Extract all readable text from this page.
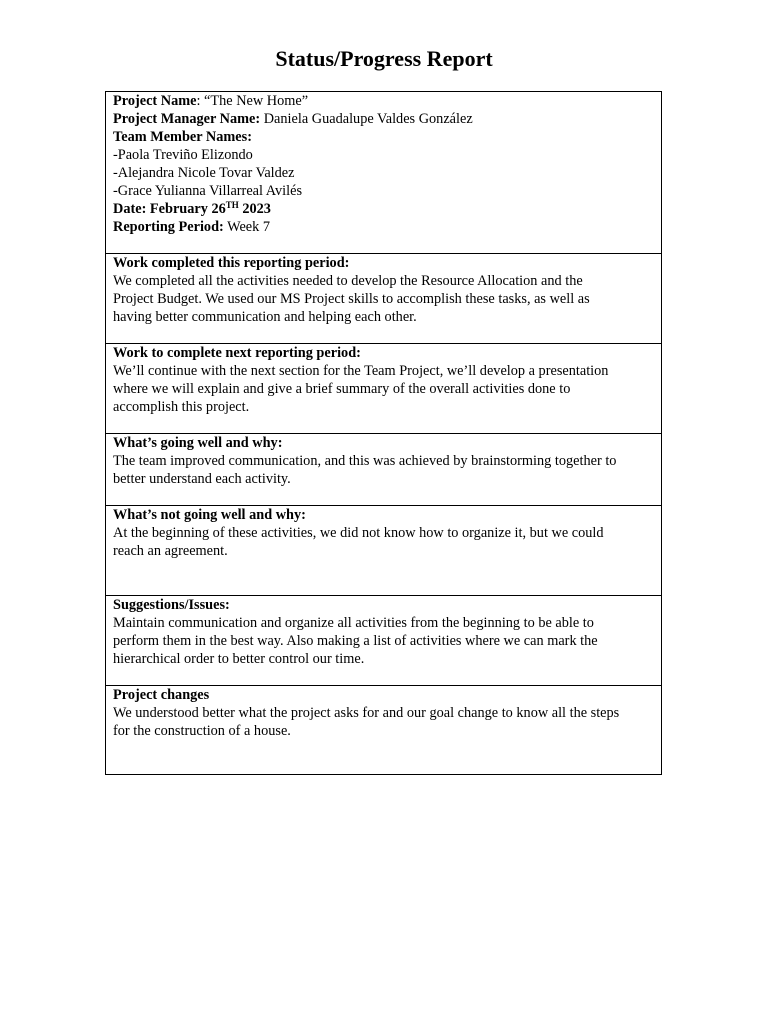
Status/Progress Report
Project Name: “The New Home”
Project Manager Name: Daniela Guadalupe Valdes González
Team Member Names:
-Paola Treviño Elizondo
-Alejandra Nicole Tovar Valdez
-Grace Yulianna Villarreal Avilés
Date: February 26TH 2023
Reporting Period: Week 7
Work completed this reporting period:
We completed all the activities needed to develop the Resource Allocation and the
Project Budget. We used our MS Project skills to accomplish these tasks, as well as
having better communication and helping each other.
Work to complete next reporting period:
We’ll continue with the next section for the Team Project, we’ll develop a presentation
where we will explain and give a brief summary of the overall activities done to
accomplish this project.
What’s going well and why:
The team improved communication, and this was achieved by brainstorming together to
better understand each activity.
What’s not going well and why:
At the beginning of these activities, we did not know how to organize it, but we could
reach an agreement.
Suggestions/Issues:
Maintain communication and organize all activities from the beginning to be able to
perform them in the best way. Also making a list of activities where we can mark the
hierarchical order to better control our time.
Project changes
We understood better what the project asks for and our goal change to know all the steps
for the construction of a house.
